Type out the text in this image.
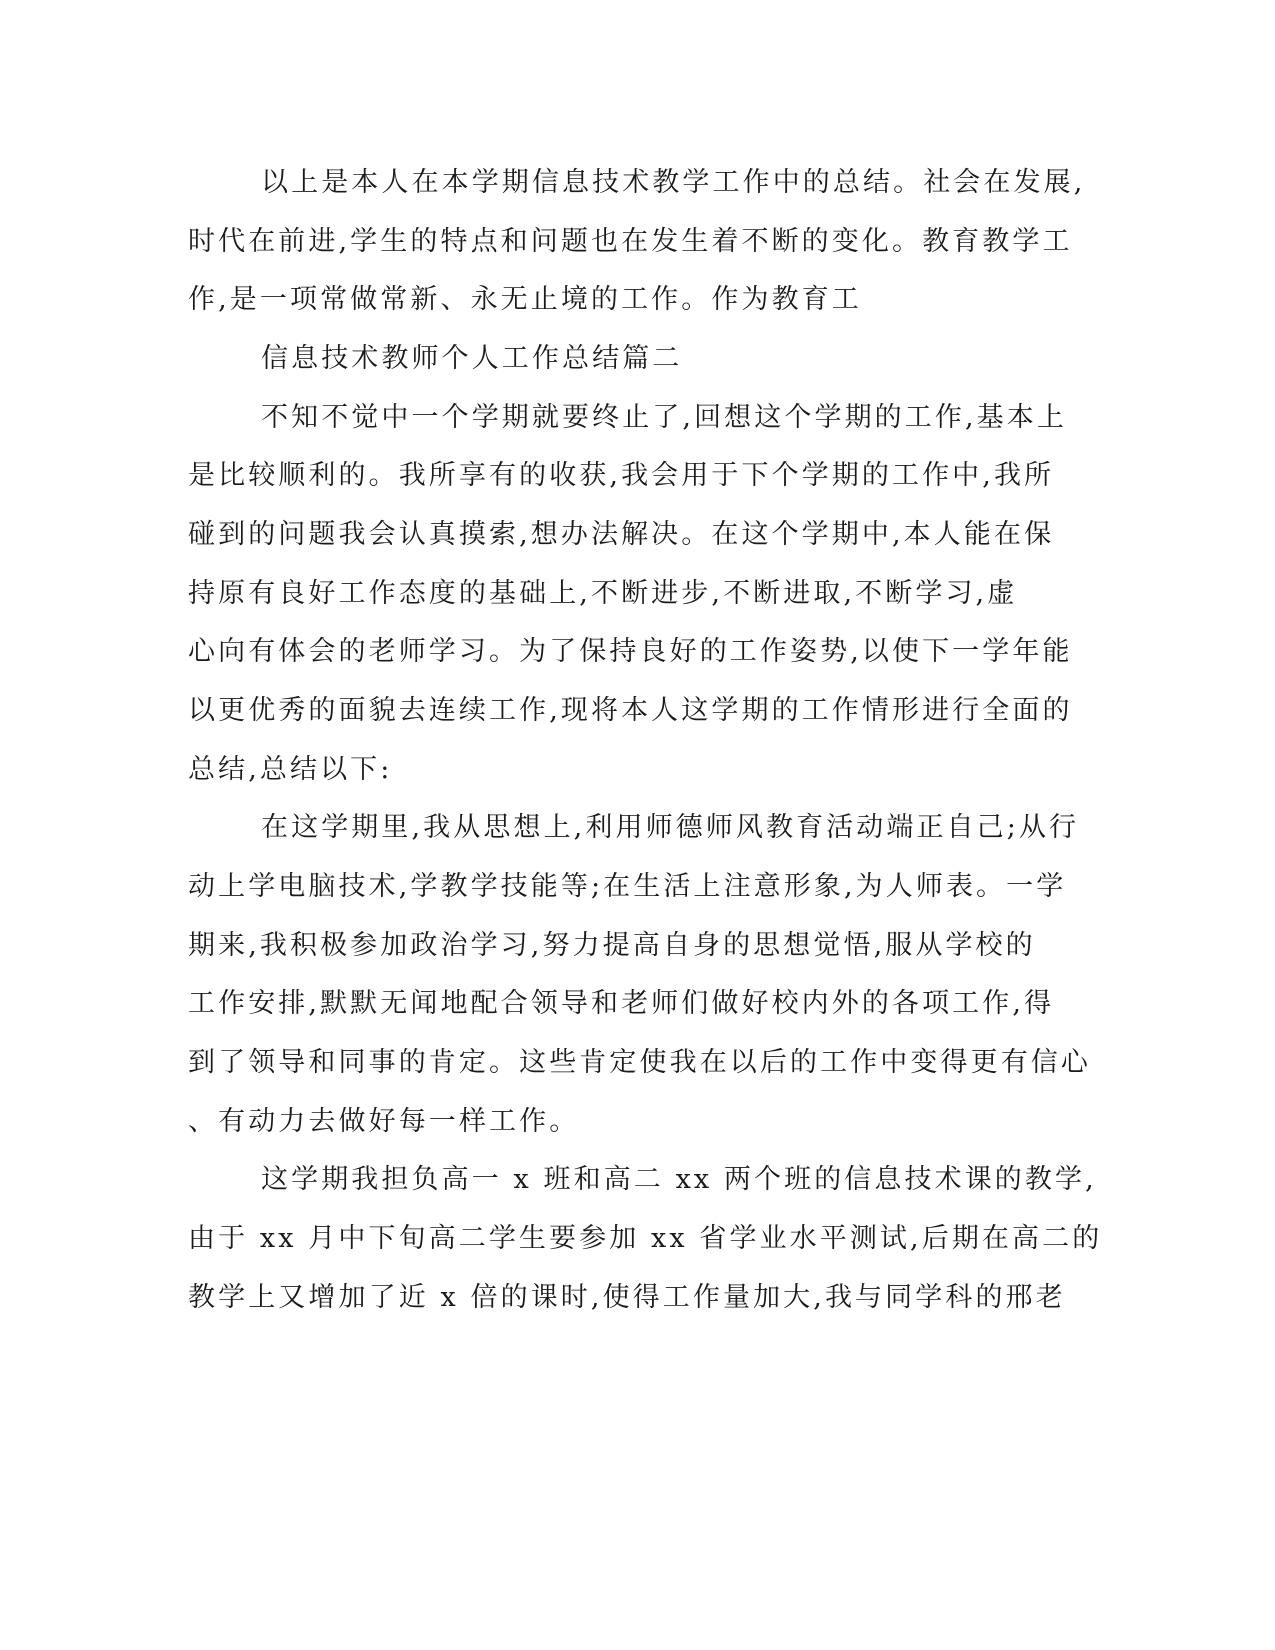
以上是本人在本学期信息技术教学工作中的总结。社会在发展,
时代在前进,学生的特点和问题也在发生着不断的变化。教育教学工
作,是一项常做常新、永无止境的工作。作为教育工
信息技术教师个人工作总结篇二
不知不觉中一个学期就要终止了,回想这个学期的工作,基本上
是比较顺利的。我所享有的收获,我会用于下个学期的工作中,我所
碰到的问题我会认真摸索,想办法解决。在这个学期中,本人能在保
持原有良好工作态度的基础上,不断进步,不断进取,不断学习,虚
心向有体会的老师学习。为了保持良好的工作姿势,以使下一学年能
以更优秀的面貌去连续工作,现将本人这学期的工作情形进行全面的
总结,总结以下:
在这学期里,我从思想上,利用师德师风教育活动端正自己;从行
动上学电脑技术,学教学技能等;在生活上注意形象,为人师表。一学
期来,我积极参加政治学习,努力提高自身的思想觉悟,服从学校的
工作安排,默默无闻地配合领导和老师们做好校内外的各项工作,得
到了领导和同事的肯定。这些肯定使我在以后的工作中变得更有信心
、有动力去做好每一样工作。
这学期我担负高一 x 班和高二 xx 两个班的信息技术课的教学,
由于 xx 月中下旬高二学生要参加 xx 省学业水平测试,后期在高二的
教学上又增加了近 x 倍的课时,使得工作量加大,我与同学科的邢老
